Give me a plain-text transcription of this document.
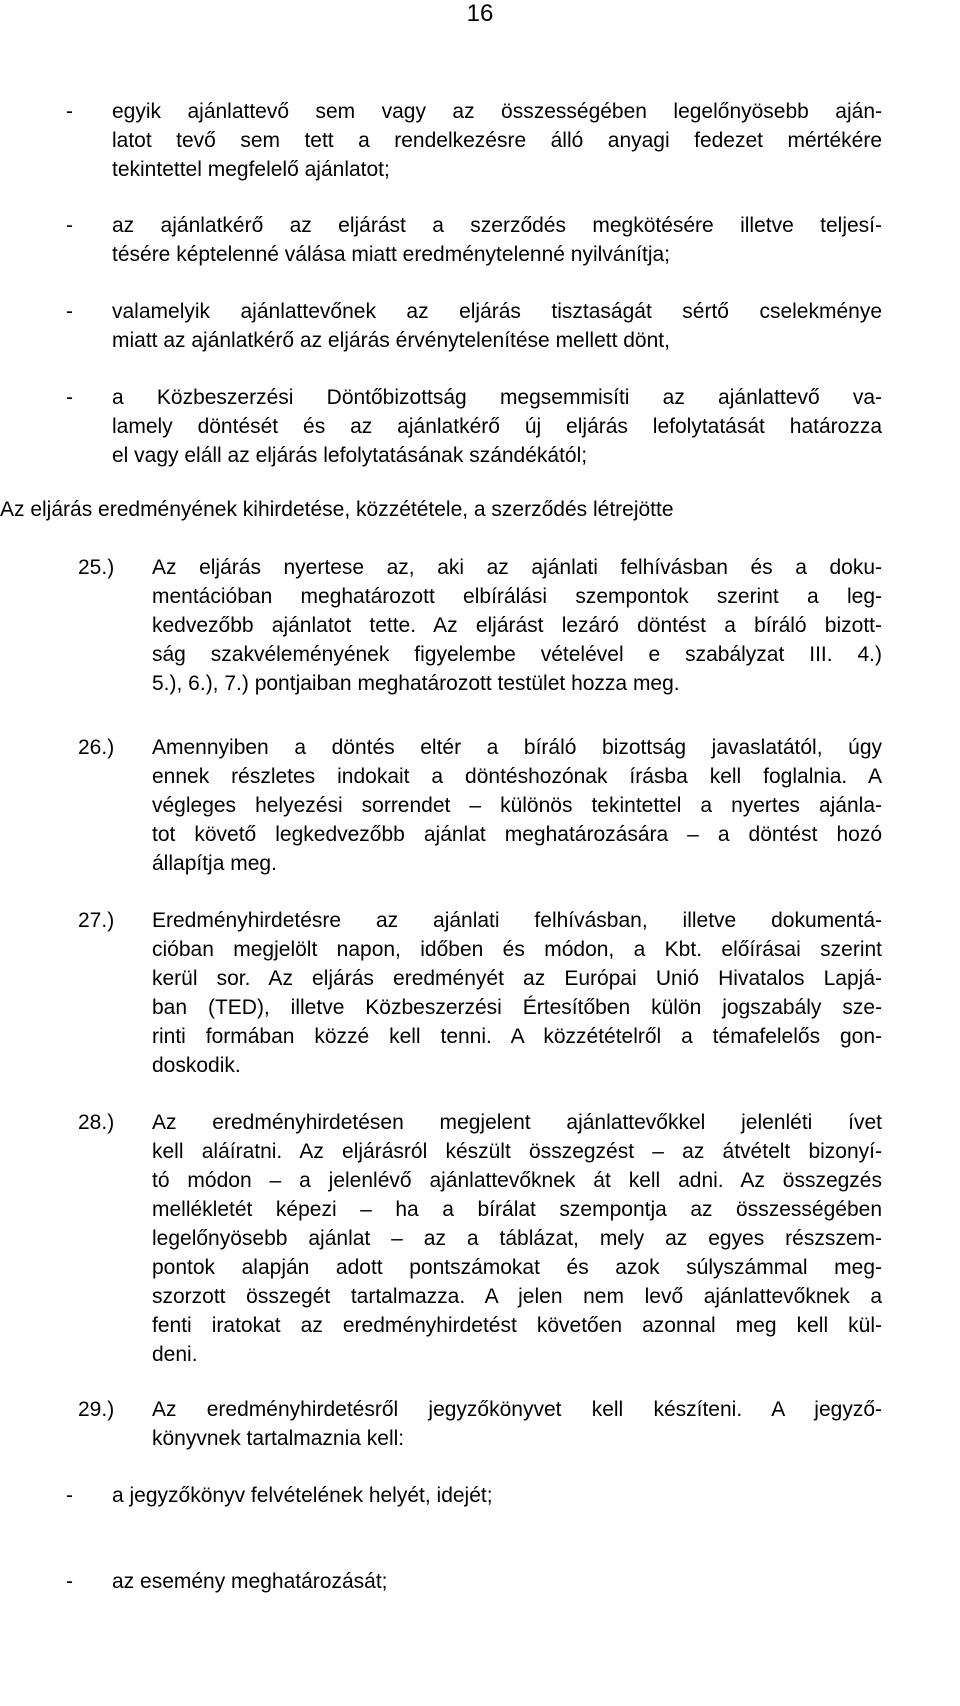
16
- egyik ajánlattevő sem vagy az összességében legelőnyösebb aján-
latot tevő sem tett a rendelkezésre álló anyagi fedezet mértékére
tekintettel megfelelő ajánlatot;
- az ajánlatkérő az eljárást a szerződés megkötésére illetve teljesí-
tésére képtelenné válása miatt eredménytelenné nyilvánítja;
- valamelyik ajánlattevőnek az eljárás tisztaságát sértő cselekménye
miatt az ajánlatkérő az eljárás érvénytelenítése mellett dönt,
- a Közbeszerzési Döntőbizottság megsemmisíti az ajánlattevő va-
lamely döntését és az ajánlatkérő új eljárás lefolytatását határozza
el vagy eláll az eljárás lefolytatásának szándékától;
Az eljárás eredményének kihirdetése, közzététele, a szerződés létrejötte
25.) Az eljárás nyertese az, aki az ajánlati felhívásban és a doku-
mentációban meghatározott elbírálási szempontok szerint a leg-
kedvezőbb ajánlatot tette. Az eljárást lezáró döntést a bíráló bizott-
ság szakvéleményének figyelembe vételével e szabályzat III. 4.)
5.), 6.), 7.) pontjaiban meghatározott testület hozza meg.
26.) Amennyiben a döntés eltér a bíráló bizottság javaslatától, úgy
ennek részletes indokait a döntéshozónak írásba kell foglalnia. A
végleges helyezési sorrendet – különös tekintettel a nyertes ajánla-
tot követő legkedvezőbb ajánlat meghatározására – a döntést hozó
állapítja meg.
27.) Eredményhirdetésre az ajánlati felhívásban, illetve dokumentá-
cióban megjelölt napon, időben és módon, a Kbt. előírásai szerint
kerül sor. Az eljárás eredményét az Európai Unió Hivatalos Lapjá-
ban (TED), illetve Közbeszerzési Értesítőben külön jogszabály sze-
rinti formában közzé kell tenni. A közzétételről a témafelelős gon-
doskodik.
28.) Az eredményhirdetésen megjelent ajánlattevőkkel jelenléti ívet
kell aláíratni. Az eljárásról készült összegzést – az átvételt bizonyí-
tó módon – a jelenlévő ajánlattevőknek át kell adni. Az összegzés
mellékletét képezi – ha a bírálat szempontja az összességében
legelőnyösebb ajánlat – az a táblázat, mely az egyes részszem-
pontok alapján adott pontszámokat és azok súlyszámmal meg-
szorzott összegét tartalmazza. A jelen nem levő ajánlattevőknek a
fenti iratokat az eredményhirdetést követően azonnal meg kell kül-
deni.
29.) Az eredményhirdetésről jegyzőkönyvet kell készíteni. A jegyző-
könyvnek tartalmaznia kell:
- a jegyzőkönyv felvételének helyét, idejét;
- az esemény meghatározását;
